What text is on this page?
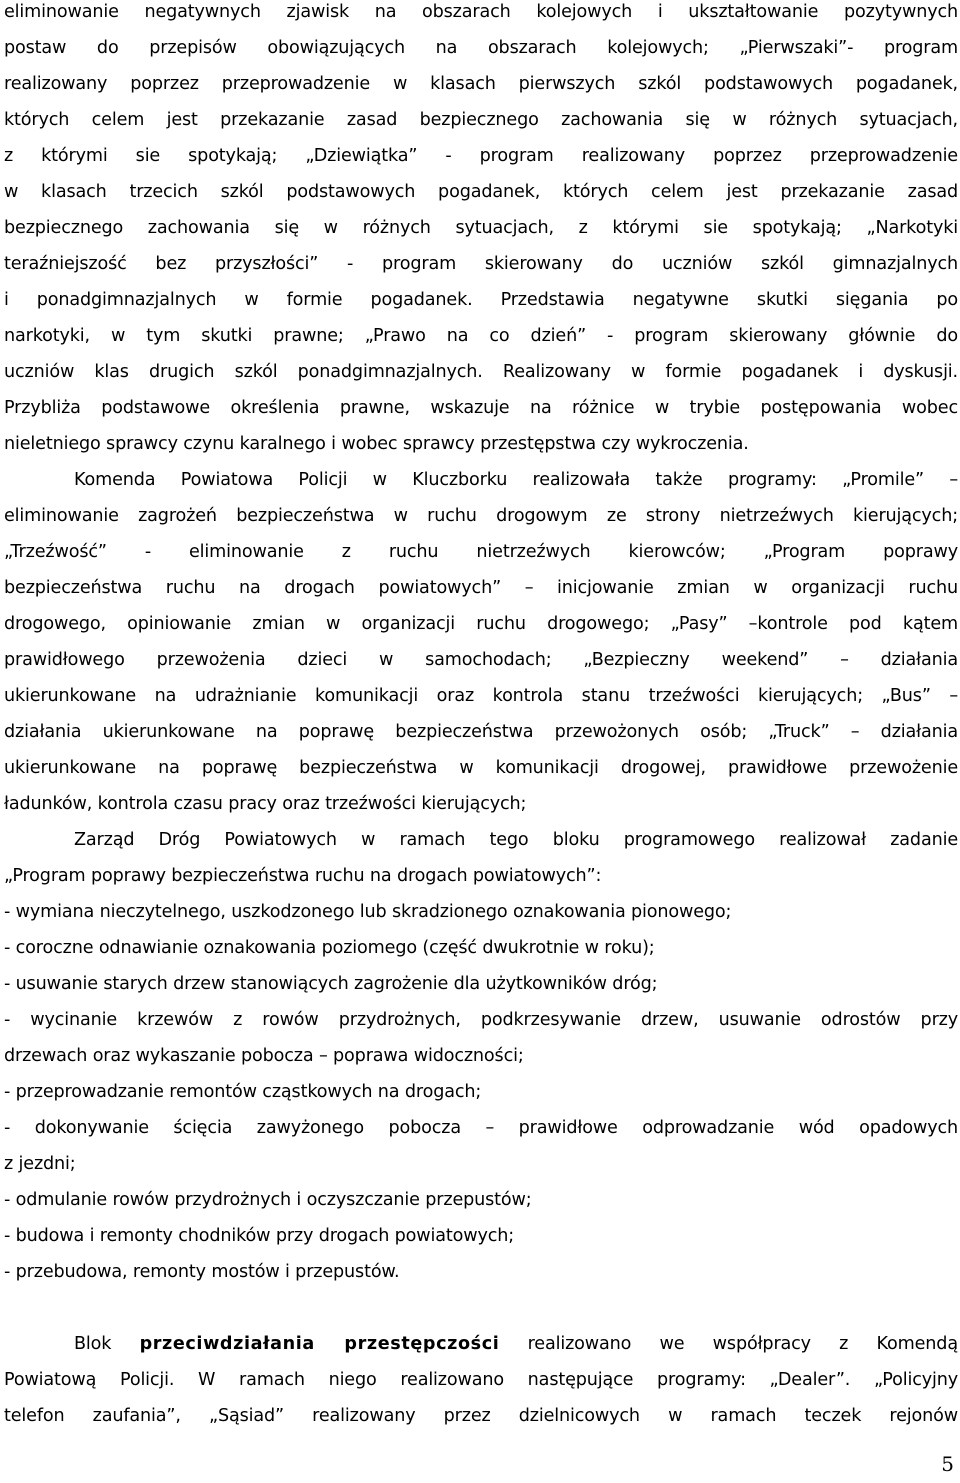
eliminowanie negatywnych zjawisk na obszarach kolejowych i ukształtowanie pozytywnych
postaw do przepisów obowiązujących na obszarach kolejowych; „Pierwszaki”- program
realizowany poprzez przeprowadzenie w klasach pierwszych szkól podstawowych pogadanek,
których celem jest przekazanie zasad bezpiecznego zachowania się w różnych sytuacjach,
z którymi sie spotykają; „Dziewiątka” - program realizowany poprzez przeprowadzenie
w klasach trzecich szkól podstawowych pogadanek, których celem jest przekazanie zasad
bezpiecznego zachowania się w różnych sytuacjach, z którymi sie spotykają; „Narkotyki
teraźniejszość bez przyszłości” - program skierowany do uczniów szkól gimnazjalnych
i ponadgimnazjalnych w formie pogadanek. Przedstawia negatywne skutki sięgania po
narkotyki, w tym skutki prawne; „Prawo na co dzień” - program skierowany głównie do
uczniów klas drugich szkól ponadgimnazjalnych. Realizowany w formie pogadanek i dyskusji.
Przybliża podstawowe określenia prawne, wskazuje na różnice w trybie postępowania wobec
nieletniego sprawcy czynu karalnego i wobec sprawcy przestępstwa czy wykroczenia.
Komenda Powiatowa Policji w Kluczborku realizowała także programy: „Promile” –
eliminowanie zagrożeń bezpieczeństwa w ruchu drogowym ze strony nietrzeźwych kierujących;
„Trzeźwość” - eliminowanie z ruchu nietrzeźwych kierowców; „Program poprawy
bezpieczeństwa ruchu na drogach powiatowych” – inicjowanie zmian w organizacji ruchu
drogowego, opiniowanie zmian w organizacji ruchu drogowego; „Pasy” –kontrole pod kątem
prawidłowego przewożenia dzieci w samochodach; „Bezpieczny weekend” – działania
ukierunkowane na udrażnianie komunikacji oraz kontrola stanu trzeźwości kierujących; „Bus” –
działania ukierunkowane na poprawę bezpieczeństwa przewożonych osób; „Truck” – działania
ukierunkowane na poprawę bezpieczeństwa w komunikacji drogowej, prawidłowe przewożenie
ładunków, kontrola czasu pracy oraz trzeźwości kierujących;
Zarząd Dróg Powiatowych w ramach tego bloku programowego realizował zadanie
„Program poprawy bezpieczeństwa ruchu na drogach powiatowych”:
- wymiana nieczytelnego, uszkodzonego lub skradzionego oznakowania pionowego;
- coroczne odnawianie oznakowania poziomego (część dwukrotnie w roku);
- usuwanie starych drzew stanowiących zagrożenie dla użytkowników dróg;
- wycinanie krzewów z rowów przydrożnych, podkrzesywanie drzew, usuwanie odrostów przy
drzewach oraz wykaszanie pobocza – poprawa widoczności;
- przeprowadzanie remontów cząstkowych na drogach;
- dokonywanie ścięcia zawyżonego pobocza – prawidłowe odprowadzanie wód opadowych
z jezdni;
- odmulanie rowów przydrożnych i oczyszczanie przepustów;
- budowa i remonty chodników przy drogach powiatowych;
- przebudowa, remonty mostów i przepustów.
Blok przeciwdziałania przestępczości realizowano we współpracy z Komendą
Powiatową Policji. W ramach niego realizowano następujące programy: „Dealer”. „Policyjny
telefon zaufania”, „Sąsiad” realizowany przez dzielnicowych w ramach teczek rejonów
5
